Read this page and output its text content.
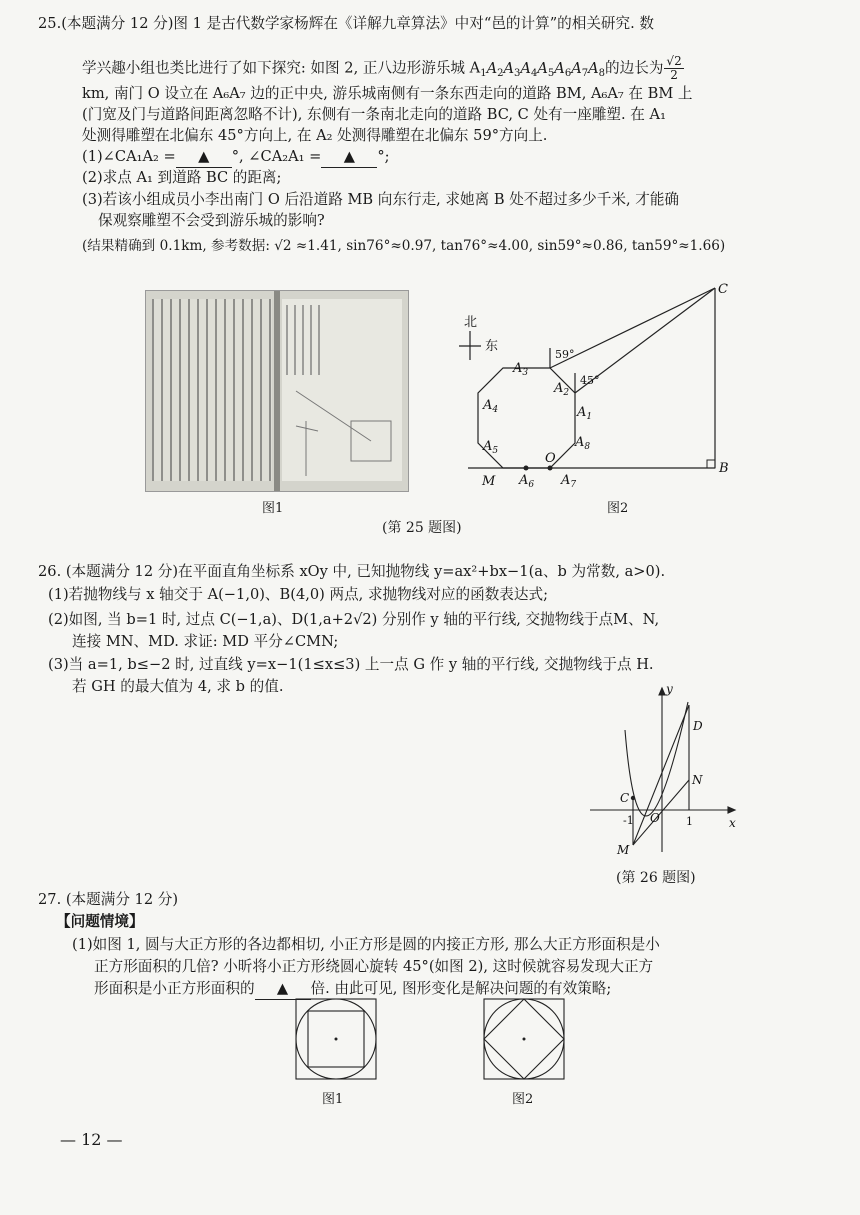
25.(本题满分 12 分)图 1 是古代数学家杨辉在《详解九章算法》中对“邑的计算”的相关研究. 数
学兴趣小组也类比进行了如下探究: 如图 2, 正八边形游乐城 $A_1A_2A_3A_4A_5A_6A_7A_8$的边长为 $\frac{√2}{2}$
km, 南门 O 设立在 A₆A₇ 边的正中央, 游乐城南侧有一条东西走向的道路 BM, A₆A₇ 在 BM 上
(门宽及门与道路间距离忽略不计), 东侧有一条南北走向的道路 BC, C 处有一座雕塑. 在 A₁
处测得雕塑在北偏东 45°方向上, 在 A₂ 处测得雕塑在北偏东 59°方向上.
(1)∠CA₁A₂ = ▲ °, ∠CA₂A₁ = ▲ °;
(2)求点 A₁ 到道路 BC 的距离;
(3)若该小组成员小李出南门 O 后沿道路 MB 向东行走, 求她离 B 处不超过多少千米, 才能确
保观察雕塑不会受到游乐城的影响?
(结果精确到 0.1km, 参考数据: √2 ≈1.41, sin76°≈0.97, tan76°≈4.00, sin59°≈0.86, tan59°≈1.66)
图1
北
东
59°
45°
$A_3$
$A_2$
$A_1$
$A_8$
$A_4$
$A_5$
$A_6$ $A_7$
O
M
B
C
图2
(第 25 题图)
26. (本题满分 12 分)在平面直角坐标系 xOy 中, 已知抛物线 y=ax²+bx−1(a、b 为常数, a>0).
(1)若抛物线与 x 轴交于 A(−1,0)、B(4,0) 两点, 求抛物线对应的函数表达式;
(2)如图, 当 b=1 时, 过点 C(−1,a)、D(1,a+2√2) 分别作 y 轴的平行线, 交抛物线于点M、N,
连接 MN、MD. 求证: MD 平分∠CMN;
(3)当 a=1, b≤−2 时, 过直线 y=x−1(1≤x≤3) 上一点 G 作 y 轴的平行线, 交抛物线于点 H.
若 GH 的最大值为 4, 求 b 的值.	y
x
D
C
N
O
M
-1	1
(第 26 题图)
27. (本题满分 12 分)
【问题情境】
(1)如图 1, 圆与大正方形的各边都相切, 小正方形是圆的内接正方形, 那么大正方形面积是小
正方形面积的几倍? 小昕将小正方形绕圆心旋转 45°(如图 2), 这时候就容易发现大正方
形面积是小正方形面积的 ▲ 倍. 由此可见, 图形变化是解决问题的有效策略;
图1	图2
— 12 —
